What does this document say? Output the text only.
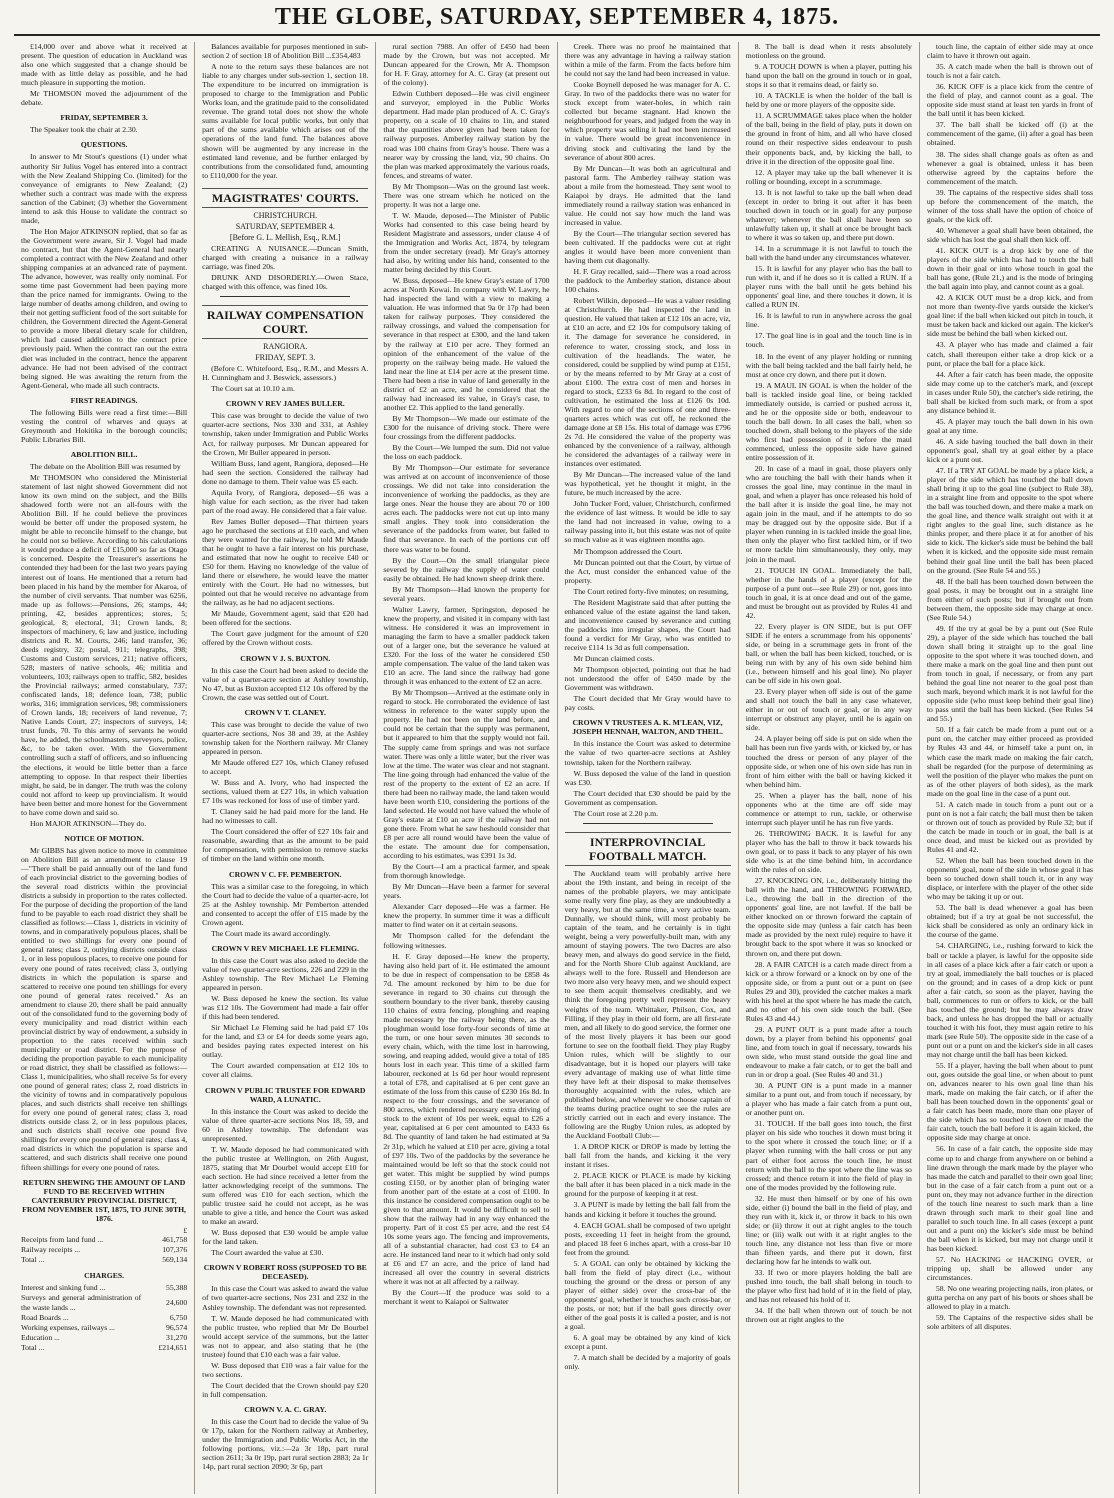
THE GLOBE, SATURDAY, SEPTEMBER 4, 1875.

£14,000 over and above what it received at present. The question of education in Auckland was also one which suggested that a change should be made with as little delay as possible, and he had much pleasure in supporting the motion.

Mr THOMSON moved the adjournment of the debate.

FRIDAY, SEPTEMBER 3.

The Speaker took the chair at 2.30.

QUESTIONS.

In answer to Mr Stout's questions (1) under what authority Sir Julius Vogel has entered into a contract with the New Zealand Shipping Co. (limited) for the conveyance of emigrants to New Zealand; (2) whether such a contract was made with the express sanction of the Cabinet; (3) whether the Government intend to ask this House to validate the contract so made,

The Hon Major ATKINSON replied, that so far as the Government were aware, Sir J. Vogel had made no contract, but that the Agent-General had nearly completed a contract with the New Zealand and other shipping companies at an advanced rate of payment. The advance, however, was really only nominal. For some time past Government had been paying more than the price named for immigrants. Owing to the large number of deaths among children, and owing to their not getting sufficient food of the sort suitable for children, the Government directed the Agent-General to provide a more liberal dietary scale for children, which had caused addition to the contract price previously paid. When the contract ran out the extra diet was included in the contract, hence the apparent advance. He had not been advised of the contract being signed. He was awaiting the return from the Agent-General, who made all such contracts.

FIRST READINGS.

The following Bills were read a first time:—Bill vesting the control of wharves and quays at Greymouth and Hokitika in the borough councils; Public Libraries Bill.

ABOLITION BILL.

The debate on the Abolition Bill was resumed by

Mr THOMSON who considered the Ministerial statement of last night showed Government did not know its own mind on the subject, and the Bills shadowed forth were not an all-fours with the Abolition Bill. If he could believe the provinces would be better off under the proposed system, he might be able to reconcile himself to the change, but he could not so believe. According to his calculations it would produce a deficit of £15,000 so far as Otago is concerned. Despite the Treasurer's assertions he contended they had been for the last two years paying interest out of loans. He mentioned that a return had been placed in his hand by the member for Akaroa, of the number of civil servants. That number was 6256, made up as follows:—Pensions, 26; stamps, 44; printing, 42, besides apprentices; stores, 5; geological, 8; electoral, 31; Crown lands, 8; inspectors of machinery, 6; law and justice, including districts and R. M. Courts, 246; land transfer, 36; deeds registry, 32; postal, 911; telegraphs, 398; Customs and Custom services, 211; native officers, 528; masters of native schools, 46; militia and volunteers, 103; railways open to traffic, 582, besides the Provincial railways; armed constabulary, 737; confiscated lands, 18; defence loan, 738; public works, 316; immigration services, 98; commissioners of Crown lands, 18; receivers of land revenue, 7; Native Lands Court, 27; inspectors of surveys, 14; trust funds, 70. To this army of servants he would have, he added, the schoolmasters, surveyors, police, &c, to be taken over. With the Government controlling such a staff of officers, and so influencing the elections, it would be little better than a farce attempting to oppose. In that respect their liberties might, he said, be in danger. The truth was the colony could not afford to keep up provincialism. It would have been better and more honest for the Government to have come down and said so.

Hon MAJOR ATKINSON—They do.

NOTICE OF MOTION.

Mr GIBBS has given notice to move in committee on Abolition Bill as an amendment to clause 19—"There shall be paid annually out of the land fund of each provincial district to the governing bodies of the several road districts within the provincial districts a subsidy in proportion to the rates collected. For the purpose of deciding the proportion of the land fund to be payable to each road district they shall be classified as follows:—Class 1, districts in vicinity of towns, and in comparatively populous places, shall be entitled to two shillings for every one pound of general rates; class 2, outlying districts outside class 1, or in less populous places, to receive one pound for every one pound of rates received; class 3, outlying districts in which the population is sparse and scattered to receive one pound ten shillings for every one pound of general rates received." As an amendment to clause 20, there shall be paid annually out of the consolidated fund to the governing body of every municipality and road district within each provincial district by way of endowment, a subsidy in proportion to the rates received within such municipality or road district. For the purpose of deciding the proportion payable to each municipality or road district, they shall be classified as follows:—Class 1, municipalities, who shall receive 5s for every one pound of general rates; class 2, road districts in the vicinity of towns and in comparatively populous places, and such districts shall receive ten shillings for every one pound of general rates; class 3, road districts outside class 2, or in less populous places, and such districts shall receive one pound five shillings for every one pound of general rates; class 4, road districts in which the population is sparse and scattered, and such districts shall receive one pound fifteen shillings for every one pound of rates.

RETURN SHEWING THE AMOUNT OF LAND FUND TO BE RECEIVED WITHIN CANTERBURY PROVINCIAL DISTRICT, FROM NOVEMBER 1ST, 1875, TO JUNE 30TH, 1876.
£
Receipts from land fund ...	461,758
Railway receipts ...	107,376
Total ...	569,134
CHARGES.
Interest and sinking fund ...	55,388
Surveys and general administration of the waste lands ...	24,600
Road Boards ...	6,750
Working expenses, railways ...	96,574
Education ...	31,270
Total ...	£214,651

Balances available for purposes mentioned in sub-section 2 of section 18 of Abolition Bill ...£354,483

A note to the return says these balances are not liable to any charges under sub-section 1, section 18. The expenditure to be incurred on immigration is proposed to charge to the Immigration and Public Works loan, and the gratitude paid to the consolidated revenue. The grand total does not show the whole sums available for local public works, but only that part of the sums available which arises out of the operations of the land fund. The balances above shown will be augmented by any increase in the estimated land revenue, and be further enlarged by contributions from the consolidated fund, amounting to £110,000 for the year.

MAGISTRATES' COURTS.
CHRISTCHURCH.
SATURDAY, SEPTEMBER 4.
[Before G. L. Mellish, Esq., R.M.]

CREATING A NUISANCE.—Duncan Smith, charged with creating a nuisance in a railway carriage, was fined 20s.

DRUNK AND DISORDERLY.—Owen Stace, charged with this offence, was fined 10s.

RAILWAY COMPENSATION COURT.
RANGIORA.
FRIDAY, SEPT. 3.

(Before C. Whitefoord, Esq., R.M., and Messrs A. H. Cunningham and J. Beswick, assessors.)

The Court sat at 10.10 a.m.

CROWN V REV JAMES BULLER.

This case was brought to decide the value of two quarter-acre sections, Nos 330 and 331, at Ashley township, taken under Immigration and Public Works Act, for railway purposes. Mr Duncan appeared for the Crown, Mr Buller appeared in person.

William Buss, land agent, Rangiora, deposed—He had seen the section. Considered the railway had done no damage to them. Their value was £5 each.

Aquila Ivory, of Rangiora, deposed—£6 was a high value for each section, as the river had taken part of the road away. He considered that a fair value.

Rev James Buller deposed—That thirteen years ago he purchased the sections at £10 each, and when they were wanted for the railway, he told Mr Maude that he ought to have a fair interest on his purchase, and estimated that now he ought to receive £40 or £50 for them. Having no knowledge of the value of land there or elsewhere, he would leave the matter entirely with the Court. He had no witnesses, but pointed out that he would receive no advantage from the railway, as he had no adjacent sections.

Mr Maude, Government agent, said that £20 had been offered for the sections.

The Court gave judgment for the amount of £20 offered by the Crown without costs.

CROWN V J. S. BUXTON.

In this case the Court had been asked to decide the value of a quarter-acre section at Ashley township, No 47, but as Buxton accepted £12 10s offered by the Crown, the case was settled out of Court.

CROWN V T. CLANEY.

This case was brought to decide the value of two quarter-acre sections, Nos 38 and 39, at the Ashley township taken for the Northern railway. Mr Claney appeared in person.

Mr Maude offered £27 10s, which Claney refused to accept.

W. Buss and A. Ivory, who had inspected the sections, valued them at £27 10s, in which valuation £7 10s was reckoned for loss of use of timber yard.

T. Claney said he had paid more for the land. He had no witnesses to call.

The Court considered the offer of £27 10s fair and reasonable, awarding that as the amount to be paid for compensation, with permission to remove stacks of timber on the land within one month.

CROWN V C. FF. PEMBERTON.

This was a similar case to the foregoing, in which the Court had to decide the value of a quarter-acre, lot 25 at the Ashley township. Mr Pemberton attended and consented to accept the offer of £15 made by the Crown agent.

The Court made its award accordingly.

CROWN V REV MICHAEL LE FLEMING.

In this case the Court was also asked to decide the value of two quarter-acre sections, 226 and 229 in the Ashley township. The Rev Michael Le Fleming appeared in person.

W. Buss deposed he knew the section. Its value was £12 10s. The Government had made a fair offer if this had been tendered.

Sir Michael Le Fleming said he had paid £7 10s for the land, and £3 or £4 for deeds some years ago, and besides paying rates expected interest on his outlay.

The Court awarded compensation at £12 10s to cover all claims.

CROWN V PUBLIC TRUSTEE FOR EDWARD WARD, A LUNATIC.

In this instance the Court was asked to decide the value of three quarter-acre sections Nos 18, 59, and 60 in Ashley township. The defendant was unrepresented.

T. W. Maude deposed he had communicated with the public trustee at Wellington, on 26th August, 1875, stating that Mr Dourbel would accept £10 for each section. He had since received a letter from the latter acknowledging receipt of the summons. The sum offered was £10 for each section, which the public trustee said he could not accept, as he was unable to give a title, and hence the Court was asked to make an award.

W. Buss deposed that £30 would be ample value for the land taken.

The Court awarded the value at £30.

CROWN V ROBERT ROSS (SUPPOSED TO BE DECEASED).

In this case the Court was asked to award the value of two quarter-acre sections, Nos 231 and 232 in the Ashley township. The defendant was not represented.

T. W. Maude deposed he had communicated with the public trustee, who replied that Mr De Bourbel would accept service of the summons, but the latter was not to appear, and also stating that he (the trustee) found that £10 each was a fair value.

W. Buss deposed that £10 was a fair value for the two sections.

The Court decided that the Crown should pay £20 in full compensation.

CROWN V. A. C. GRAY.

In this case the Court had to decide the value of 9a 0r 17p, taken for the Northern railway at Amberley, under the Immigration and Public Works Act, in the following portions, viz.:—2a 3r 18p, part rural section 2611; 3a 0r 19p, part rural section 2883; 2a 1r 14p, part rural section 2090; 3r 6p, part

rural section 7988. An offer of £450 had been made by the Crown, but was not accepted. Mr Duncan appeared for the Crown, Mr A. Thompson for H. F. Gray, attorney for A. C. Gray (at present out of the colony).

Edwin Cuthbert deposed—He was civil engineer and surveyor, employed in the Public Works department. Had made plan produced of A. C. Gray's property, on a scale of 10 chains to 1in, and stated that the quantities above given had been taken for railway purposes. Amberley railway station by the road was 100 chains from Gray's house. There was a nearer way by crossing the land, viz, 90 chains. On the plan was marked approximately the various roads, fences, and streams of water.

By Mr Thompson—Was on the ground last week. There was one stream which he noticed on the property. It was not a large one.

T. W. Maude, deposed—The Minister of Public Works had consented to this case being heard by Resident Magistrate and assessors, under clause 4 of the Immigration and Works Act, 1874, by telegram from the under secretary (read). Mr Gray's attorney had also, by writing under his hand, consented to the matter being decided by this Court.

W. Buss, deposed—He knew Gray's estate of 1700 acres at North Kowai. In company with W. Lawry, he had inspected the land with a view to making a valuation. He was informed that 9a 0r 17p had been taken for railway purposes. They considered the railway crossings, and valued the compensation for severance in that respect at £300, and the land taken by the railway at £10 per acre. They formed an opinion of the enhancement of the value of the property on the railway being made. He valued the land near the line at £14 per acre at the present time. There had been a rise in value of land generally in the district of £2 an acre, and he considered that the railway had increased its value, in Gray's case, to another £2. This applied to the land generally.

By Mr Thompson—We made our estimate of the £300 for the nuisance of driving stock. There were four crossings from the different paddocks.

By the Court—We lumped the sum. Did not value the loss on each paddock.

By Mr Thompson—Our estimate for severance was arrived at on account of inconvenience of those crossings. We did not take into consideration the inconvenience of working the paddocks, as they are large ones. Near the house they are about 70 or 100 acres each. The paddocks were not cut up into many small angles. They took into consideration the severance of the paddocks from water, but failed to find that severance. In each of the portions cut off there was water to be found.

By the Court—On the small triangular piece severed by the railway the supply of water could easily be obtained. He had known sheep drink there.

By Mr Thompson—Had known the property for several years.

Walter Lawry, farmer, Springston, deposed he knew the property, and visited it in company with last witness. He considered it was an improvement in managing the farm to have a smaller paddock taken out of a larger one, but the severance he valued at £320. For the loss of the water he considered £50 ample compensation. The value of the land taken was £10 an acre. The land since the railway had gone through it was enhanced to the extent of £2 an acre.

By Mr Thompson—Arrived at the estimate only in regard to stock. He corroborated the evidence of last witness in reference to the water supply upon the property. He had not been on the land before, and could not be certain that the supply was permanent, but it appeared to him that the supply would not fail. The supply came from springs and was not surface water. There was only a little water, but the river was low at the time. The water was clear and not stagnant. The line going through had enhanced the value of the rest of the property to the extent of £2 an acre. If there had been no railway made, the land taken would have been worth £10, considering the portions of the land selected. He would not have valued the whole of Gray's estate at £10 an acre if the railway had not gone there. From what he saw heshould consider that £8 per acre all round would have been the value of the estate. The amount due for compensation, according to his estimates, was £391 1s 3d.

By the Court—I am a practical farmer, and speak from thorough knowledge.

By Mr Duncan—Have been a farmer for several years.

Alexander Carr deposed—He was a farmer. He knew the property. In summer time it was a difficult matter to find water on it at certain seasons.

Mr Thompson called for the defendant the following witnesses.

H. F. Gray deposed—He knew the property, having also held part of it. He estimated the amount to be due in respect of compensation to be £858 4s 7d. The amount reckoned by him to be due for severance in regard to 30 chains cut through the southern boundary to the river bank, thereby causing 110 chains of extra fencing, ploughing and reaping made necessary by the railway being there, as the ploughman would lose forty-four seconds of time at the turn, or one hour seven minutes 30 seconds to every chain, which, with the time lost in harrowing, sowing, and reaping added, would give a total of 185 hours lost in each year. This time of a skilled farm labourer, reckoned at 1s 6d per hour would represent a total of £78, and capitalised at 6 per cent gave an estimate of the loss from this cause of £230 16s 8d. In respect to the four crossings, and the severance of 800 acres, which rendered necessary extra driving of stock to the extent of 10s per week, equal to £26 a year, capitalised at 6 per cent amounted to £433 6s 8d. The quantity of land taken he had estimated at 9a 2r 31p, which he valued at £10 per acre, giving a total of £97 10s. Two of the paddocks by the severance he maintained would be left so that the stock could not get water. This might be supplied by wind pumps costing £150, or by another plan of bringing water from another part of the estate at a cost of £100. In this instance he considered compensation ought to be given to that amount. It would be difficult to sell to show that the railway had in any way enhanced the property. Part of it cost £5 per acre, and the rest £4 10s some years ago. The fencing and improvements, all of a substantial character, had cost £3 to £4 an acre. He instanced land near to it which had only sold at £6 and £7 an acre, and the price of land had increased all over the country in several districts where it was not at all affected by a railway.

By the Court—If the produce was sold to a merchant it went to Kaiapoi or Saltwater

Creek. There was no proof he maintained that there was any advantage in having a railway station within a mile of the farm. From the facts before him he could not say the land had been increased in value.

Cooke Boynell deposed he was manager for A. C. Gray. In two of the paddocks there was no water for stock except from water-holes, in which rain collected but became stagnant. Had known the neighbourhood for years, and judged from the way in which property was selling it had not been increased in value. There would be great inconvenience in driving stock and cultivating the land by the severance of about 800 acres.

By Mr Duncan—It was both an agricultural and pastoral farm. The Amberley railway station was about a mile from the homestead. They sent wool to Kaiapoi by drays. He admitted that the land immediately round a railway station was enhanced in value. He could not say how much the land was increased in value.

By the Court—The triangular section severed has been cultivated. If the paddocks were cut at right angles it would have been more convenient than having them cut diagonally.

H. F. Gray recalled, said—There was a road across the paddock to the Amberley station, distance about 100 chains.

Robert Wilkin, deposed—He was a valuer residing at Christchurch. He had inspected the land in question. He valued that taken at £12 10s an acre, viz, at £10 an acre, and £2 10s for compulsory taking of it. The damage for severance he considered, in reference to water, crossing stock, and loss in cultivation of the headlands. The water, he considered, could be supplied by wind pump at £151, or by the means referred to by Mr Gray at a cost of about £100. The extra cost of men and horses in regard to stock, £233 6s 8d. In regard to the cost of cultivation, he estimated the loss at £126 0s 10d. With regard to one of the sections of one and three-quarters acres which was cut off, he reckoned the damage done at £8 15s. His total of damage was £796 2s 7d. He considered the value of the property was enhanced by the convenience of a railway, although he considered the advantages of a railway were in instances over estimated.

By Mr Duncan—The increased value of the land was hypothetical, yet he thought it might, in the future, be much increased by the acre.

John Tucker Ford, valuer, Christchurch, confirmed the evidence of last witness. It would be idle to say the land had not increased in value, owing to a railway passing into it, but this estate was not of quite so much value as it was eighteen months ago.

Mr Thompson addressed the Court.

Mr Duncan pointed out that the Court, by virtue of the Act, must consider the enhanced value of the property.

The Court retired forty-five minutes; on resuming,

The Resident Magistrate said that after putting the enhanced value of the estate against the land taken, and inconvenience caused by severance and cutting the paddocks into irregular shapes, the Court had found a verdict for Mr Gray, who was entitled to receive £114 1s 3d as full compensation.

Mr Duncan claimed costs.

Mr Thompson objected, pointing out that he had not understood the offer of £450 made by the Government was withdrawn.

The Court decided that Mr Gray would have to pay costs.

CROWN V TRUSTEES A. K. M'LEAN, VIZ, JOSEPH HENNAH, WALTON, AND THEIL.

In this instance the Court was asked to determine the value of two quarter-acre sections at Ashley township, taken for the Northern railway.

W. Buss deposed the value of the land in question was £30.

The Court decided that £30 should be paid by the Government as compensation.

The Court rose at 2.20 p.m.

INTERPROVINCIAL FOOTBALL MATCH.

The Auckland team will probably arrive here about the 19th instant, and being in receipt of the names of the probable players, we may anticipate some really very fine play, as they are undoubtedly a very heavy, but at the same time, a very active team. Dunnally, we should think, will most probably be captain of the team, and he certainly is in tight weight, being a very powerfully-built man, with any amount of staying powers. The two Dacres are also heavy men, and always do good service in the field, and for the North Shore Club against Auckland, are always well to the fore. Russell and Henderson are two more also very heavy men, and we should expect to see them acquit themselves creditably, and we think the foregoing pretty well represent the heavy weights of the team. Whittaker, Philson, Cox, and Filling, if they play in their old form, are all first-rate men, and all likely to do good service, the former one of the most lively players it has been our good fortune to see on the football field. They play Rugby Union rules, which will be slightly to our disadvantage, but it is hoped our players will take every advantage of making use of what little time they have left at their disposal to make themselves thoroughly acquainted with the rules, which are published below, and whenever we choose captain of the teams during practice ought to see the rules are strictly carried out in each and every instance. The following are the Rugby Union rules, as adopted by the Auckland Football Club:—

1. A DROP KICK or DROP is made by letting the ball fall from the hands, and kicking it the very instant it rises.

2. PLACE KICK or PLACE is made by kicking the ball after it has been placed in a nick made in the ground for the purpose of keeping it at rest.

3. A PUNT is made by letting the ball fall from the hands and kicking it before it touches the ground.

4. EACH GOAL shall be composed of two upright posts, exceeding 11 feet in height from the ground, and placed 18 feet 6 inches apart, with a cross-bar 10 feet from the ground.

5. A GOAL can only be obtained by kicking the ball from the field of play direct (i.e., without touching the ground or the dress or person of any player of either side) over the cross-bar of the opponents' goal, whether it touches such cross-bar, or the posts, or not; but if the ball goes directly over either of the goal posts it is called a poster, and is not a goal.

6. A goal may be obtained by any kind of kick except a punt.

7. A match shall be decided by a majority of goals only.

8. The ball is dead when it rests absolutely motionless on the ground.

9. A TOUCH DOWN is when a player, putting his hand upon the ball on the ground in touch or in goal, stops it so that it remains dead, or fairly so.

10. A TACKLE is when the holder of the ball is held by one or more players of the opposite side.

11. A SCRUMMAGE takes place when the holder of the ball, being in the field of play, puts it down on the ground in front of him, and all who have closed round on their respective sides endeavour to push their opponents back, and, by kicking the ball, to drive it in the direction of the opposite goal line.

12. A player may take up the ball whenever it is rolling or bounding, except in a scrummage.

13. It is not lawful to take up the ball when dead (except in order to bring it out after it has been touched down in touch or in goal) for any purpose whatever; whenever the ball shall have been so unlawfully taken up, it shall at once be brought back to where it was so taken up, and there put down.

14. In a scrummage it is not lawful to touch the ball with the hand under any circumstances whatever.

15. It is lawful for any player who has the ball to run with it, and if he does so it is called a RUN. If a player runs with the ball until he gets behind his opponents' goal line, and there touches it down, it is called a RUN IN.

16. It is lawful to run in anywhere across the goal line.

17. The goal line is in goal and the touch line is in touch.

18. In the event of any player holding or running with the ball being tackled and the ball fairly held, he must at once cry down, and there put it down.

19. A MAUL IN GOAL is when the holder of the ball is tackled inside goal line, or being tackled immediately outside, is carried or pushed across it, and he or the opposite side or both, endeavour to touch the ball down. In all cases the ball, when so touched down, shall belong to the players of the side who first had possession of it before the maul commenced, unless the opposite side have gained entire possession of it.

20. In case of a maul in goal, those players only who are touching the ball with their hands when it crosses the goal line, may continue in the maul in goal, and when a player has once released his hold of the ball after it is inside the goal line, he may not again join in the maul, and if he attempts to do so may be dragged out by the opposite side. But if a player when running in is tackled inside the goal line, then only the player who first tackled him, or if two or more tackle him simultaneously, they only, may join in the maul.

21. TOUCH IN GOAL. Immediately the ball, whether in the hands of a player (except for the purpose of a punt out—see Rule 29) or not, goes into touch in goal, it is at once dead and out of the game, and must be brought out as provided by Rules 41 and 42.

22. Every player is ON SIDE, but is put OFF SIDE if he enters a scrummage from his opponents' side, or being in a scrummage gets in front of the ball, or when the ball has been kicked, touched, or is being run with by any of his own side behind him (i.e., between himself and his goal line). No player can be off side in his own goal.

23. Every player when off side is out of the game and shall not touch the ball in any case whatever, either in or out of touch or goal, or in any way interrupt or obstruct any player, until he is again on side.

24. A player being off side is put on side when the ball has been run five yards with, or kicked by, or has touched the dress or person of any player of the opposite side, or when one of his own side has run in front of him either with the ball or having kicked it when behind him.

25. When a player has the ball, none of his opponents who at the time are off side may commence or attempt to run, tackle, or otherwise interrupt such player until he has run five yards.

26. THROWING BACK. It is lawful for any player who has the ball to throw it back towards his own goal, or to pass it back to any player of his own side who is at the time behind him, in accordance with the rules of on side.

27. KNOCKING ON, i.e., deliberately hitting the ball with the hand, and THROWING FORWARD, i.e., throwing the ball in the direction of the opponents' goal line, are not lawful. If the ball be either knocked on or thrown forward the captain of the opposite side may (unless a fair catch has been made as provided by the next rule) require to have it brought back to the spot where it was so knocked or thrown on, and there put down.

28. A FAIR CATCH is a catch made direct from a kick or a throw forward or a knock on by one of the opposite side, or from a punt out or a punt on (see Rules 29 and 30), provided the catcher makes a mark with his heel at the spot where he has made the catch, and no other of his own side touch the ball. (See Rules 43 and 44.)

29. A PUNT OUT is a punt made after a touch down, by a player from behind his opponents' goal line, and from touch in goal if necessary, towards his own side, who must stand outside the goal line and endeavour to make a fair catch, or to get the ball and run in or drop a goal. (See Rules 40 and 31.)

30. A PUNT ON is a punt made in a manner similar to a punt out, and from touch if necessary, by a player who has made a fair catch from a punt out, or another punt on.

31. TOUCH. If the ball goes into touch, the first player on his side who touches it down must bring it to the spot where it crossed the touch line; or if a player when running with the ball cross or put any part of either foot across the touch line, he must return with the ball to the spot where the line was so crossed; and thence return it into the field of play in one of the modes provided by the following rule.

32. He must then himself or by one of his own side, either (i) bound the ball in the field of play, and they run with it, kick it, or throw it back to his own side; or (ii) throw it out at right angles to the touch line; or (iii) walk out with it at right angles to the touch line, any distance not less than five or more than fifteen yards, and there put it down, first declaring how far he intends to walk out.

33. If two or more players holding the ball are pushed into touch, the ball shall belong in touch to the player who first had hold of it in the field of play, and has not released his hold of it.

34. If the ball when thrown out of touch be not thrown out at right angles to the

touch line, the captain of either side may at once claim to have it thrown out again.

35. A catch made when the ball is thrown out of touch is not a fair catch.

36. KICK OFF is a place kick from the centre of the field of play, and cannot count as a goal. The opposite side must stand at least ten yards in front of the ball until it has been kicked.

37. The ball shall be kicked off (i) at the commencement of the game, (ii) after a goal has been obtained.

38. The sides shall change goals as often as and whenever a goal is obtained, unless it has been otherwise agreed by the captains before the commencement of the match.

39. The captains of the respective sides shall toss up before the commencement of the match, the winner of the toss shall have the option of choice of goals, or the kick off.

40. Whenever a goal shall have been obtained, the side which has lost the goal shall then kick off.

41. KICK OUT is a drop kick by one of the players of the side which has had to touch the ball down in their goal or into whose touch in goal the ball has gone, (Rule 21,) and is the mode of bringing the ball again into play, and cannot count as a goal.

42. A KICK OUT must be a drop kick, and from not more than twenty-five yards outside the kicker's goal line: if the ball when kicked out pitch in touch, it must be taken back and kicked out again. The kicker's side must be behind the ball when kicked out.

43. A player who has made and claimed a fair catch, shall thereupon either take a drop kick or a punt, or place the ball for a place kick.

44. After a fair catch has been made, the opposite side may come up to the catcher's mark, and (except in cases under Rule 50), the catcher's side retiring, the ball shall be kicked from such mark, or from a spot any distance behind it.

45. A player may touch the ball down in his own goal at any time.

46. A side having touched the ball down in their opponent's goal, shall try at goal either by a place kick or a punt out.

47. If a TRY AT GOAL be made by a place kick, a player of the side which has touched the ball down shall bring it up to the goal line (subject to Rule 38), in a straight line from and opposite to the spot where the ball was touched down, and there make a mark on the goal line, and thence walk straight out with it at right angles to the goal line, such distance as he thinks proper, and there place it at for another of his side to kick. The kicker's side must be behind the ball when it is kicked, and the opposite side must remain behind their goal line until the ball has been placed on the ground. (See Rule 54 and 55.)

48. If the ball has been touched down between the goal posts, it may be brought out in a straight line from either of such posts; but if brought out from between them, the opposite side may charge at once. (See Rule 54.)

49. If the try at goal be by a punt out (See Rule 29), a player of the side which has touched the ball down shall bring it straight up to the goal line opposite to the spot where it was touched down, and there make a mark on the goal line and then punt out from touch in goal, if necessary, or from any part behind the goal line not nearer to the goal post than such mark, beyond which mark it is not lawful for the opposite side (who must keep behind their goal line) to pass until the ball has been kicked. (See Rules 54 and 55.)

50. If a fair catch be made from a punt out or a punt on, the catcher may either proceed as provided by Rules 43 and 44, or himself take a punt on, in which case the mark made on making the fair catch, shall be regarded (for the purpose of determining as well the position of the player who makes the punt on as of the other players of both sides), as the mark made on the goal line in the case of a punt out.

51. A catch made in touch from a punt out or a punt on is not a fair catch; the ball must then be taken or thrown out of touch as provided by Rule 32; but if the catch be made in touch or in goal, the ball is at once dead, and must be kicked out as provided by Rules 41 and 42.

52. When the ball has been touched down in the opponents' goal, none of the side in whose goal it has been so touched down shall touch it, or in any way displace, or interfere with the player of the other side who may be taking it up or out.

53. The ball is dead whenever a goal has been obtained; but if a try at goal be not successful, the kick shall be considered as only an ordinary kick in the course of the game.

54. CHARGING, i.e., rushing forward to kick the ball or tackle a player, is lawful for the opposite side in all cases of a place kick after a fair catch or upon a try at goal, immediately the ball touches or is placed on the ground; and in cases of a drop kick or punt after a fair catch, so soon as the player, having the ball, commences to run or offers to kick, or the ball has touched the ground; but he may always draw back, and unless he has dropped the ball or actually touched it with his foot, they must again retire to his mark (see Rule 50). The opposite side in the case of a punt out or a punt on and the kicker's side in all cases may not charge until the ball has been kicked.

55. If a player, having the ball when about to punt out, goes outside the goal line, or when about to punt on, advances nearer to his own goal line than his mark, made on making the fair catch, or if after the ball has been touched down in the opponents' goal or a fair catch has been made, more than one player of the side which has so touched it down or made the fair catch, touch the ball before it is again kicked, the opposite side may charge at once.

56. In case of a fair catch, the opposite side may come up to and charge from anywhere on or behind a line drawn through the mark made by the player who has made the catch and parallel to their own goal line; but in the case of a fair catch from a punt out or a punt on, they may not advance further in the direction of the touch line nearest to such mark than a line drawn through such mark to their goal line and parallel to such touch line. In all cases (except a punt out and a punt on) the kicker's side must be behind the ball when it is kicked, but may not charge until it has been kicked.

57. No HACKING or HACKING OVER, or tripping up, shall be allowed under any circumstances.

58. No one wearing projecting nails, iron plates, or gutta percha on any part of his boots or shoes shall be allowed to play in a match.

59. The Captains of the respective sides shall be sole arbiters of all disputes.
